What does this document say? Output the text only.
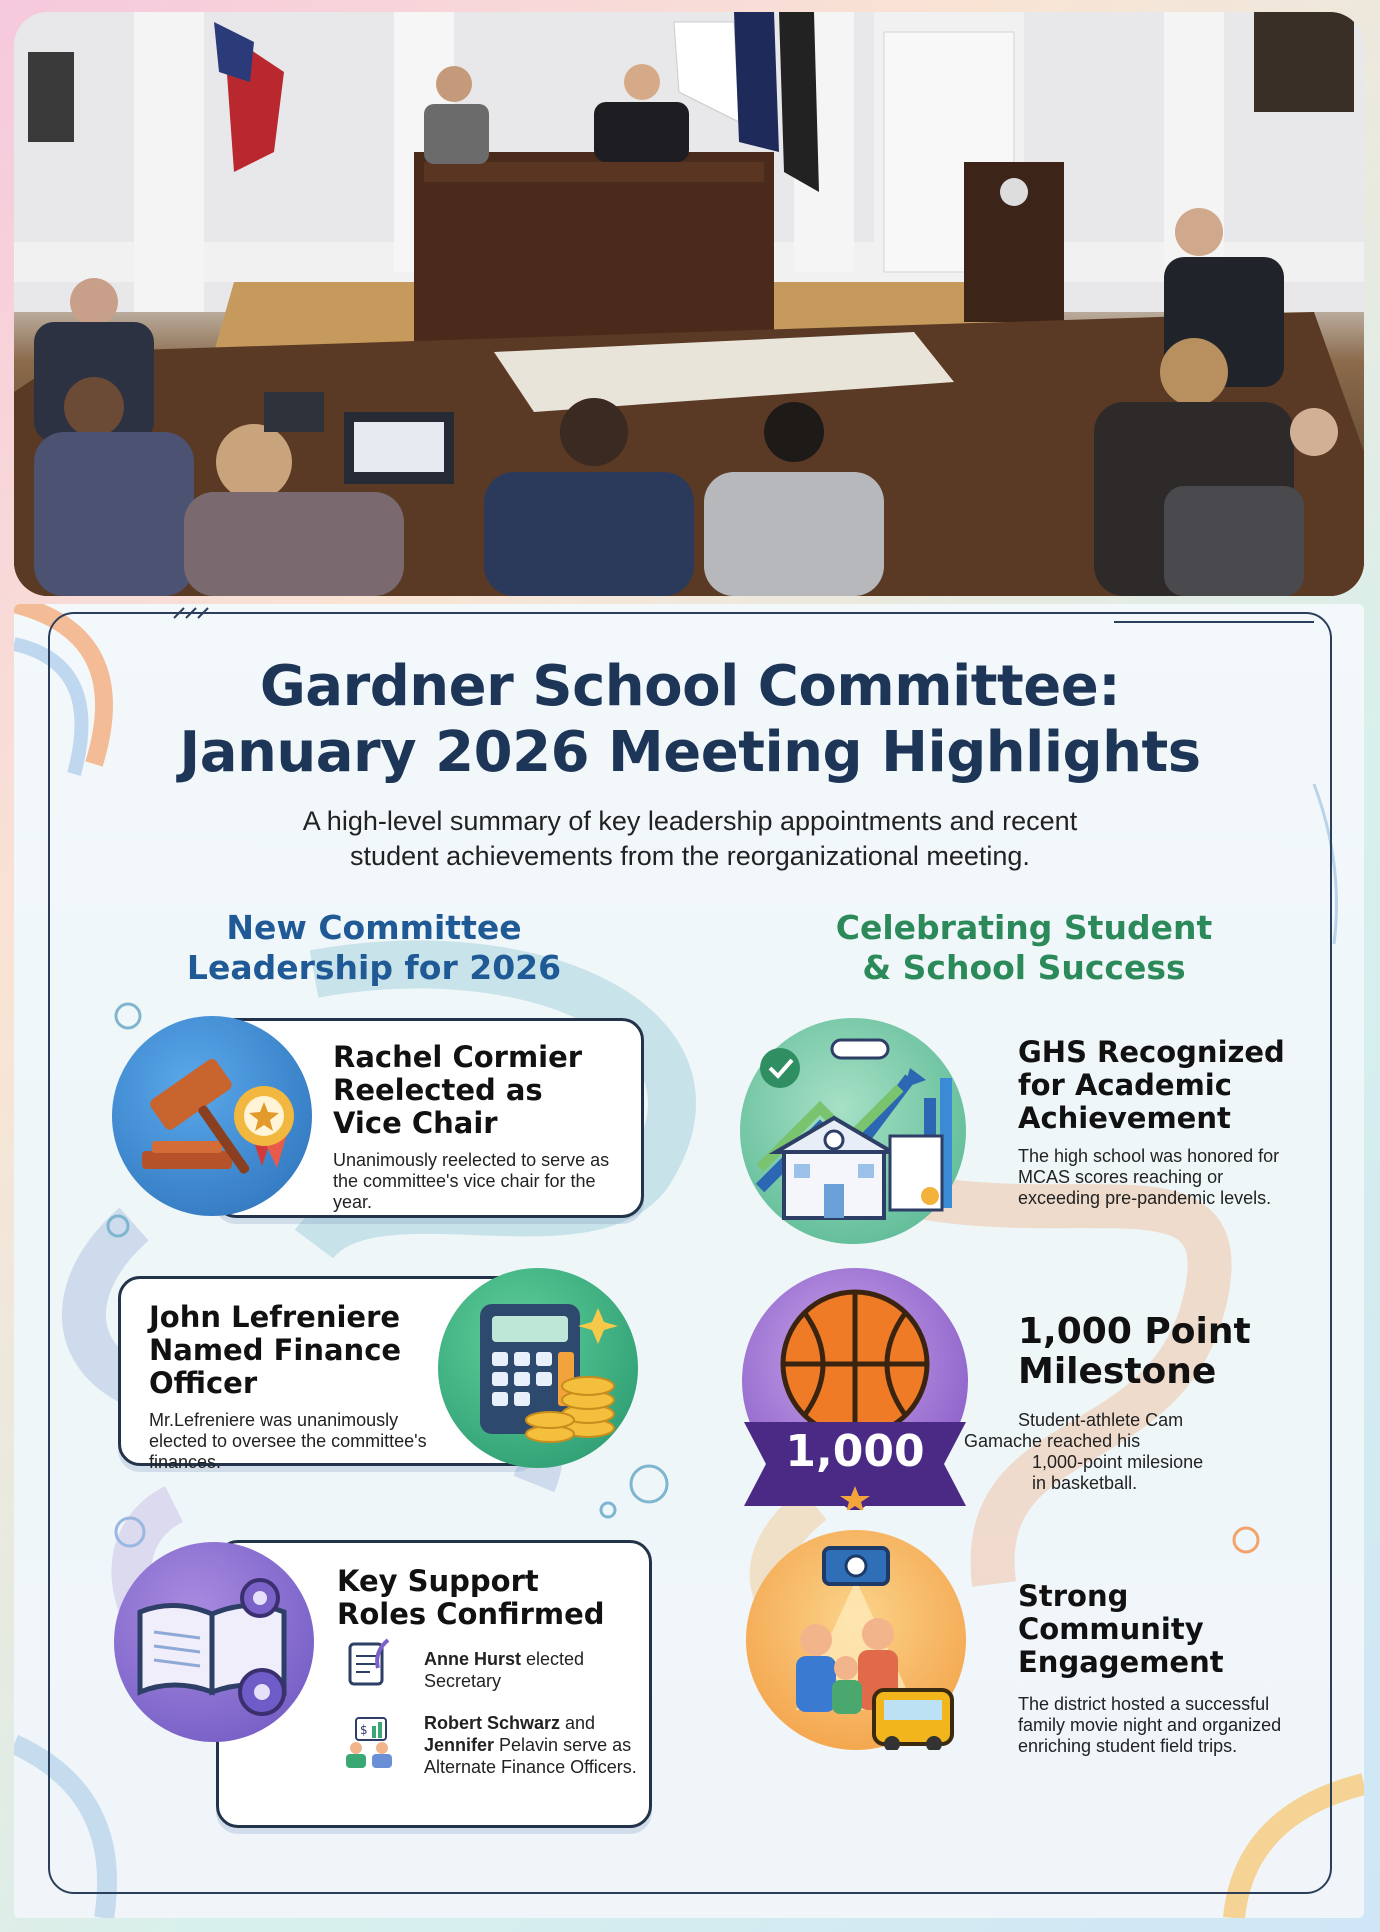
Gardner School Committee:
January 2026 Meeting Highlights
A high-level summary of key leadership appointments and recent
student achievements from the reorganizational meeting.
New Committee
Leadership for 2026
Celebrating Student
& School Success
Rachel Cormier
Reelected as
Vice Chair

Unanimously reelected to serve as the committee's vice chair for the year.

John Lefreniere
Named Finance
Officer

Mr.Lefreniere was unanimously elected to oversee the committee's finances.

Key Support
Roles Confirmed
Anne Hurst elected Secretary
$	Robert Schwarz and Jennifer Pelavin serve as Alternate Finance Officers.
GHS Recognized
for Academic
Achievement
The high school was honored for MCAS scores reaching or exceeding pre-pandemic levels.
1,000
1,000 Point
Milestone
Student-athlete Cam
Gamache reached his
1,000-point milesione
in basketball.
Strong
Community
Engagement
The district hosted a successful family movie night and organized enriching student field trips.
